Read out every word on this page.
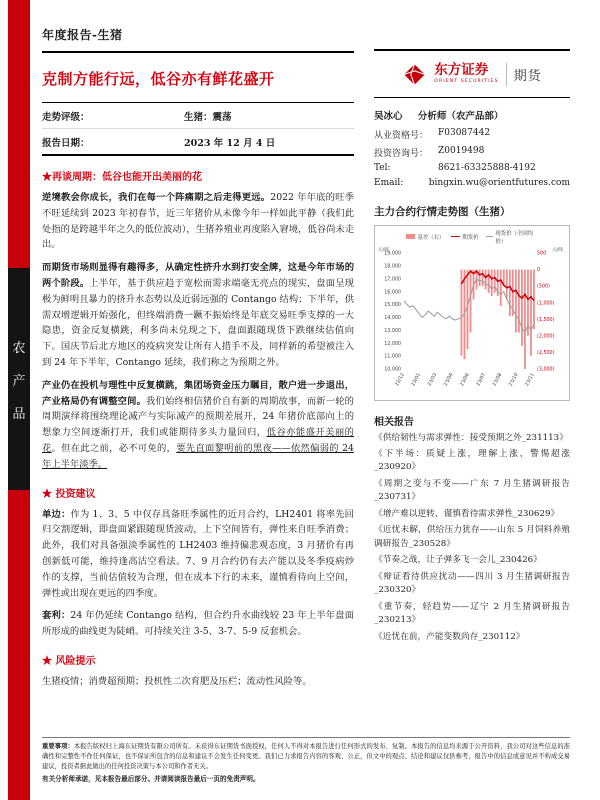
农
产
品
年度报告-生猪
克制方能行远，低谷亦有鲜花盛开
走势评级：	生猪：震荡
报告日期：	2023 年 12 月 4 日
★再谈周期：低谷也能开出美丽的花

逆境教会你成长，我们在每一个阵痛期之后走得更远。2022 年年底的旺季不旺延续到 2023 年初春节，近三年猪价从未像今年一样如此平静（我们此处指的是跨越半年之久的低位波动），生猪养殖业再度陷入窘境，低谷尚未走出。

而期货市场则显得有趣得多，从确定性挤升水到打安全牌，这是今年市场的两个阶段。上半年，基于供应趋于宽松而需求端毫无亮点的现实，盘面呈现极为鲜明且暴力的挤升水态势以及近弱远强的 Contango 结构；下半年，供需双增逻辑开始强化，但终端消费一蹶不振始终是年底交易旺季支撑的一大隐患，资金反复横跳，利多尚未兑现之下，盘面跟随现货下跌继续估值向下。国庆节后北方地区的疫病突发让所有人措手不及，同样新的希望被注入到 24 年下半年，Contango 延续，我们称之为预期之外。

产业仍在投机与理性中反复横跳，集团场资金压力瞩目，散户进一步退出，产业格局仍有调整空间。我们始终相信猪价自有新的周期故事，而新一轮的周期演绎将围绕理论减产与实际减产的预期差展开，24 年猪价底部向上的想象力空间逐渐打开，我们或能期待多头力量回归，低谷亦能盛开美丽的花。但在此之前，必不可免的，要先直面黎明前的黑夜——依然偏弱的 24 年上半年淡季。

★ 投资建议

单边：作为 1、3、5 中仅存具备旺季属性的近月合约，LH2401 将率先回归交割逻辑，即盘面紧跟随现货波动，上下空间皆有，弹性来自旺季消费；此外，我们对具备强淡季属性的 LH2403 维持偏悲观态度，3 月猪价有再创新低可能，维持逢高沽空看法。7、9 月合约仍有去产能以及冬季疫病炒作的支撑，当前估值较为合理，但在成本下行的未来，谨慎看待向上空间，弹性或出现在更远的四季度。

套利：24 年仍延续 Contango 结构，但合约升水曲线较 23 年上半年盘面所形成的曲线更为陡峭。可持续关注 3-5、3-7、5-9 反套机会。

★ 风险提示

生猪疫情；消费超预期；投机性二次育肥及压栏；流动性风险等。

东方证券
ORIENT SECURITIES 期货
吴冰心 分析师（农产品部）
从业资格号：	F03087442
投资咨询号：	Z0019498
Tel:	8621-63325888-4192
Email:	bingxin.wu@orientfutures.com
主力合约行情走势图（生猪）
基差（右）	期货价
现货价（全国均价）
19,000
18,000
17,000
16,000
15,000
14,000
13,000
12,000
11,000
10,000
500
0
(500)
(1,000)
(1,500)
(2,000)
(2,500)
(3,000)
22/12 23/01 23/03 23/04 23/06 23/07 23/08 23/10 23/11
元/吨	元/吨
相关报告
《供给韧性与需求弹性：接受预期之外_231113》
《下半场：质疑上涨，理解上涨，警惕超涨_230920》
《周期之变与不变——广东 7 月生猪调研报告_230731》
《增产难以逆转，谨慎看待需求弹性_230629》
《近忧未解，供给压力犹存——山东 5 月饲料养殖调研报告_230528》
《节奏之战，让子弹多飞一会儿_230426》
《辩证看待供应扰动——四川 3 月生猪调研报告_230320》
《重节奏，轻趋势——辽宁 2 月生猪调研报告_230213》
《近忧在前，产能变数尚存_230112》
重要事项：本报告版权归上海东证期货有限公司所有。未获得东证期货书面授权，任何人不得对本报告进行任何形式的发布、复制。本报告的信息均来源于公开资料，我公司对这些信息的准确性和完整性不作任何保证，也不保证所包含的信息和建议不会发生任何变更。我们已力求报告内容的客观、公正，但文中的观点、结论和建议仅供参考，报告中的信息或意见并不构成交易建议，投资者据此做出的任何投资决策与本公司和作者无关。
有关分析师承诺，见本报告最后部分。并请阅读报告最后一页的免责声明。
